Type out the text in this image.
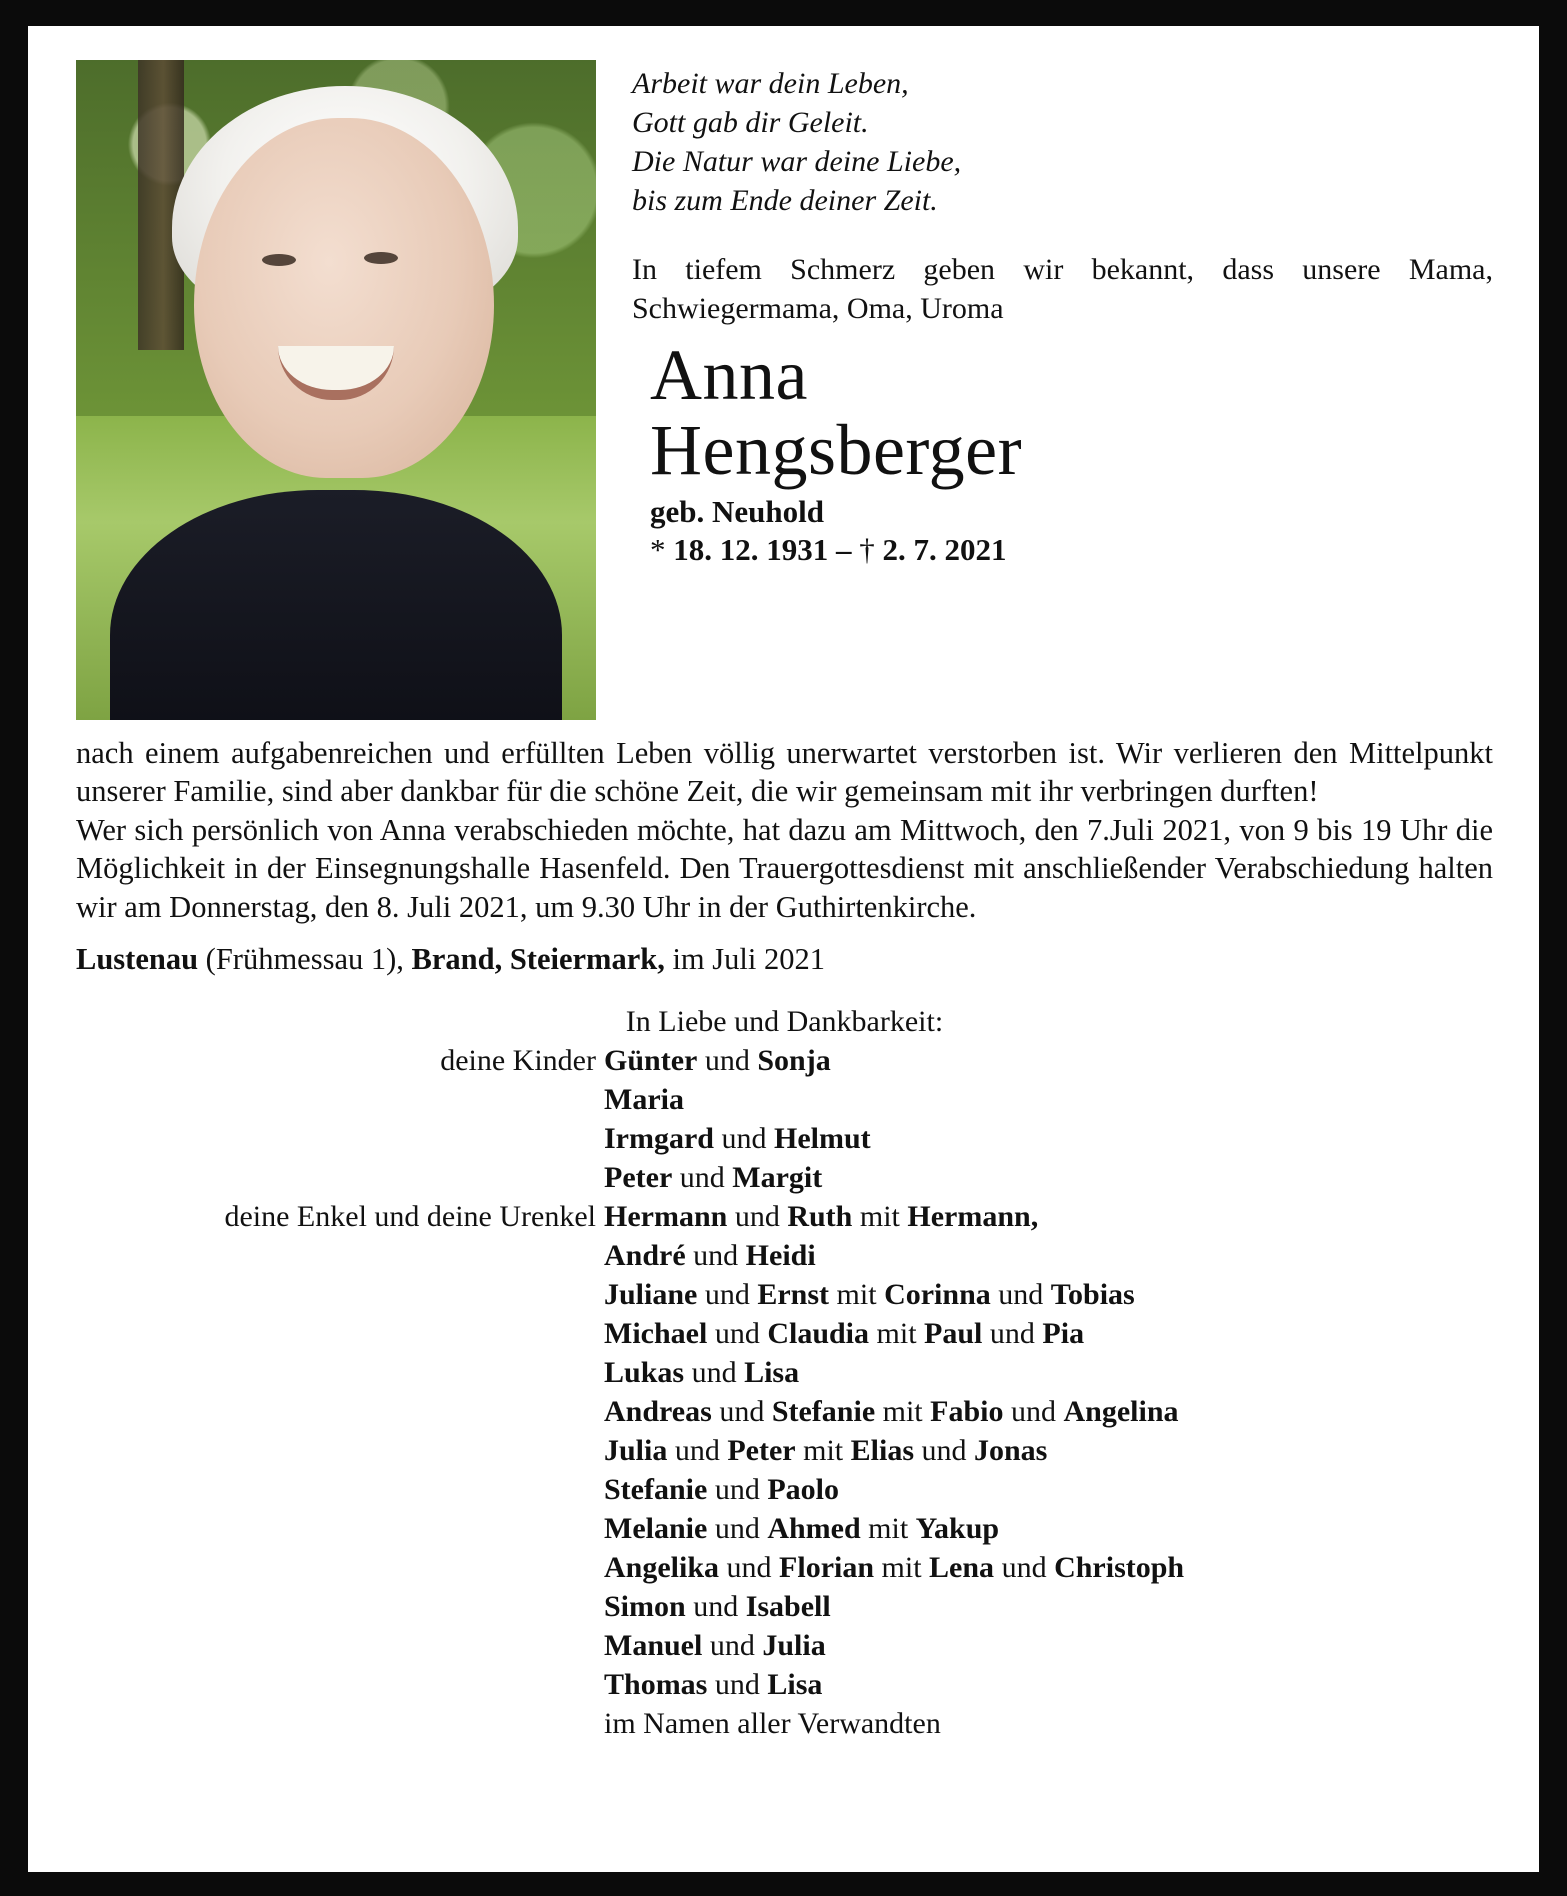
Arbeit war dein Leben,
Gott gab dir Geleit.
Die Natur war deine Liebe,
bis zum Ende deiner Zeit.

In tiefem Schmerz geben wir bekannt, dass unsere Mama, Schwiegermama, Oma, Uroma

Anna
Hengsberger
geb. Neuhold
* 18. 12. 1931 – † 2. 7. 2021

nach einem aufgabenreichen und erfüllten Leben völlig unerwartet verstorben ist. Wir verlieren den Mittelpunkt unserer Familie, sind aber dankbar für die schöne Zeit, die wir gemeinsam mit ihr verbringen durften!

Wer sich persönlich von Anna verabschieden möchte, hat dazu am Mittwoch, den 7.Juli 2021, von 9 bis 19 Uhr die Möglichkeit in der Einsegnungshalle Hasenfeld. Den Trauergottesdienst mit anschließender Verabschiedung halten wir am Donnerstag, den 8. Juli 2021, um 9.30 Uhr in der Guthirtenkirche.

Lustenau (Frühmessau 1), Brand, Steiermark, im Juli 2021
In Liebe und Dankbarkeit:
deine Kinder Günter und Sonja
Maria
Irmgard und Helmut
Peter und Margit
deine Enkel und deine Urenkel Hermann und Ruth mit Hermann,
André und Heidi
Juliane und Ernst mit Corinna und Tobias
Michael und Claudia mit Paul und Pia
Lukas und Lisa
Andreas und Stefanie mit Fabio und Angelina
Julia und Peter mit Elias und Jonas
Stefanie und Paolo
Melanie und Ahmed mit Yakup
Angelika und Florian mit Lena und Christoph
Simon und Isabell
Manuel und Julia
Thomas und Lisa
im Namen aller Verwandten
